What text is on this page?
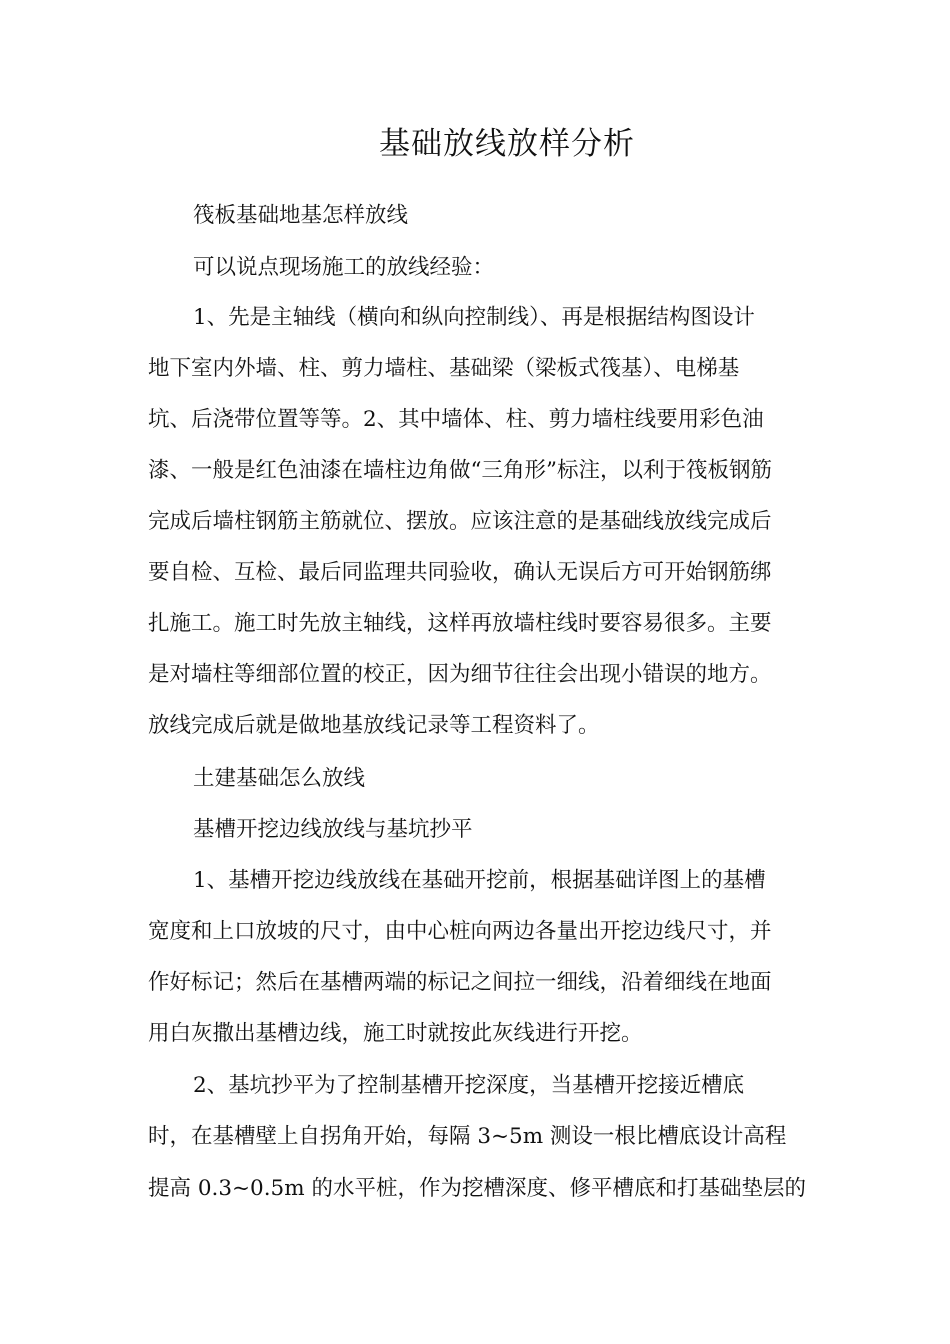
基础放线放样分析
筏板基础地基怎样放线
可以说点现场施工的放线经验：
1、先是主轴线（横向和纵向控制线）、再是根据结构图设计
地下室内外墙、柱、剪力墙柱、基础梁（梁板式筏基）、电梯基
坑、后浇带位置等等。2、其中墙体、柱、剪力墙柱线要用彩色油
漆、一般是红色油漆在墙柱边角做“三角形”标注，以利于筏板钢筋
完成后墙柱钢筋主筋就位、摆放。应该注意的是基础线放线完成后
要自检、互检、最后同监理共同验收，确认无误后方可开始钢筋绑
扎施工。施工时先放主轴线，这样再放墙柱线时要容易很多。主要
是对墙柱等细部位置的校正，因为细节往往会出现小错误的地方。
放线完成后就是做地基放线记录等工程资料了。
土建基础怎么放线
基槽开挖边线放线与基坑抄平
1、基槽开挖边线放线在基础开挖前，根据基础详图上的基槽
宽度和上口放坡的尺寸，由中心桩向两边各量出开挖边线尺寸，并
作好标记；然后在基槽两端的标记之间拉一细线，沿着细线在地面
用白灰撒出基槽边线，施工时就按此灰线进行开挖。
2、基坑抄平为了控制基槽开挖深度，当基槽开挖接近槽底
时，在基槽壁上自拐角开始，每隔 3~5m 测设一根比槽底设计高程
提高 0.3~0.5m 的水平桩，作为挖槽深度、修平槽底和打基础垫层的
